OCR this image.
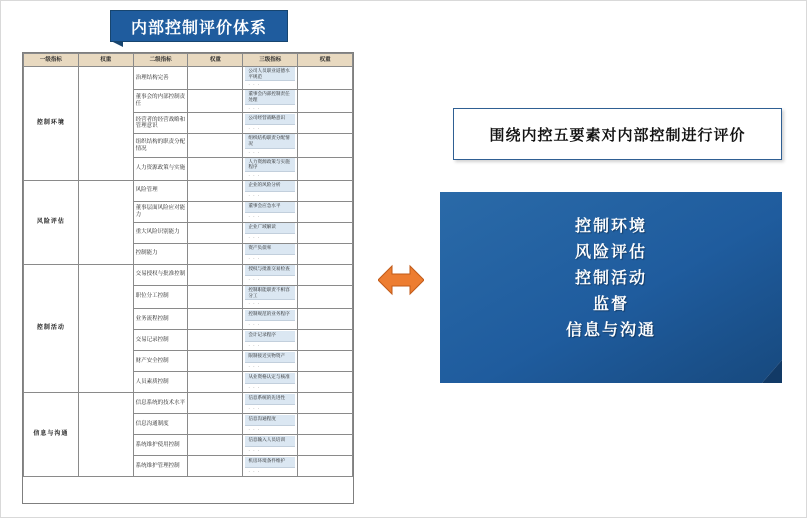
内部控制评价体系
一级指标	权重	二级指标	权重	三级指标	权重
控制环境		治理结构完善		公司人员职业道德水平规范
· · ·	

		董事会的内部控制责任		董事会内部控制责任处理
· · ·	

		经营者的经营战略和管理意识		公司经营战略意识
· · ·	

		组织结构的职责分配情况		组织结构职责分配情况
· · ·	

		人力资源政策与实施		人力资源政策与实施程序
· · ·	

风险评估		风险管理		企业的风险分析
· · ·	

		董事层面风险应对能力		董事会应急水平
· · ·	

		重大风险识别能力		企业广域解读
· · ·	

		控制能力		资产负债率
· · ·	

控制活动		交易授权与批准控制		授权与批准交易检查
· · ·	

		职位分工控制		控制职能职责不相容分工
· · ·	

		业务流程控制		控制规范的业务程序
· · ·	

		交易记录控制		会计记录程序
· · ·	

		财产安全控制		限制接近实物资产
· · ·	

		人员素质控制		从业资格认定与核准
· · ·	

信息与沟通		信息系统的技术水平		信息系统的先进性
· · ·	

		信息沟通制度		信息沟通程度
· · ·	

		系统维护使用控制		信息输入人员培训
· · ·	

		系统维护管理控制		机房环境条件维护
· · ·	

围绕内控五要素对内部控制进行评价
控制环境
风险评估
控制活动
监督
信息与沟通
